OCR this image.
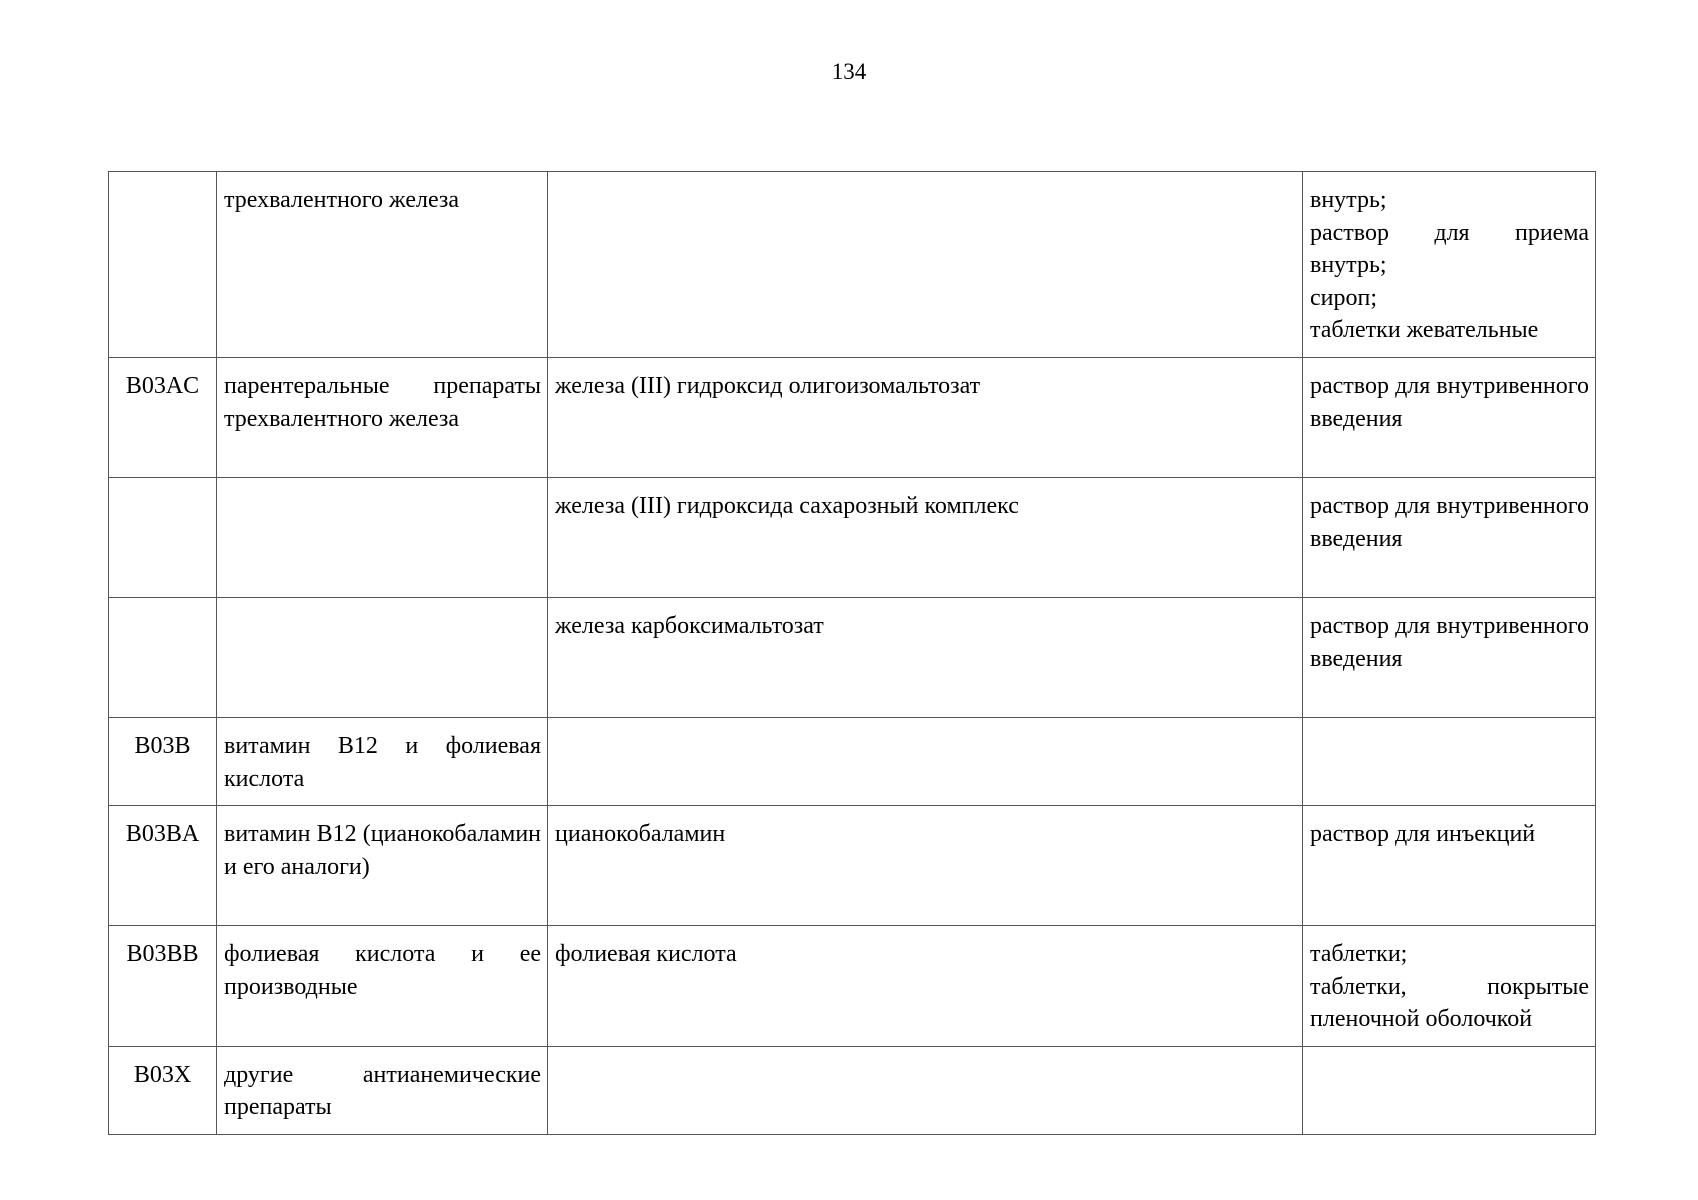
134
	трехвалентного железа		внутрь;
раствор для приема внутрь;
сироп;
таблетки жевательные

B03AC	парентеральные препараты трехвалентного железа	железа (III) гидроксид олигоизомальтозат	раствор для внутривенного введения

		железа (III) гидроксида сахарозный комплекс	раствор для внутривенного введения

		железа карбоксимальтозат	раствор для внутривенного введения

B03B	витамин B12 и фолиевая кислота		
B03BA	витамин B12 (цианокобаламин и его аналоги)	цианокобаламин	раствор для инъекций

B03BB	фолиевая кислота и ее производные	фолиевая кислота	таблетки;
таблетки, покрытые пленочной оболочкой

B03X	другие антианемические препараты		
